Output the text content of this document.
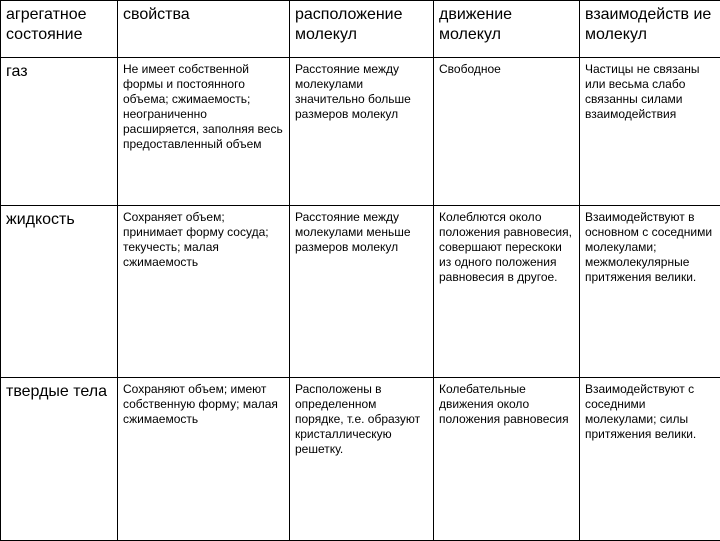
агрегатное состояние	свойства	расположение молекул	движение молекул	взаимодейств ие молекул
газ	Не имеет собственной формы и постоянного объема; сжимаемость; неограниченно расширяется, заполняя весь предоставленный объем	Расстояние между молекулами значительно больше размеров молекул	Свободное	Частицы не связаны или весьма слабо связанны силами взаимодействия
жидкость	Сохраняет объем; принимает форму сосуда; текучесть; малая сжимаемость	Расстояние между молекулами меньше размеров молекул	Колеблются около положения равновесия, совершают перескоки из одного положения равновесия в другое.	Взаимодействуют в основном с соседними молекулами; межмолекулярные притяжения велики.
твердые тела	Сохраняют объем; имеют собственную форму; малая сжимаемость	Расположены в определенном порядке, т.е. образуют кристаллическую решетку.	Колебательные движения около положения равновесия	Взаимодействуют с соседними молекулами; силы притяжения велики.
